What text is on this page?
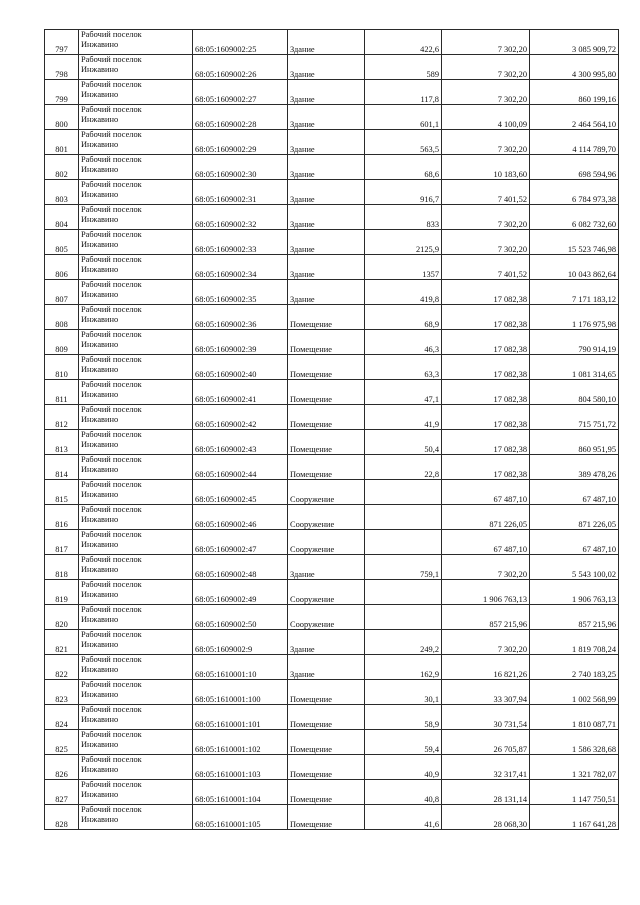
797	Рабочий поселок
Инжавино	68:05:1609002:25	Здание	422,6	7 302,20	3 085 909,72
798	Рабочий поселок
Инжавино	68:05:1609002:26	Здание	589	7 302,20	4 300 995,80
799	Рабочий поселок
Инжавино	68:05:1609002:27	Здание	117,8	7 302,20	860 199,16
800	Рабочий поселок
Инжавино	68:05:1609002:28	Здание	601,1	4 100,09	2 464 564,10
801	Рабочий поселок
Инжавино	68:05:1609002:29	Здание	563,5	7 302,20	4 114 789,70
802	Рабочий поселок
Инжавино	68:05:1609002:30	Здание	68,6	10 183,60	698 594,96
803	Рабочий поселок
Инжавино	68:05:1609002:31	Здание	916,7	7 401,52	6 784 973,38
804	Рабочий поселок
Инжавино	68:05:1609002:32	Здание	833	7 302,20	6 082 732,60
805	Рабочий поселок
Инжавино	68:05:1609002:33	Здание	2125,9	7 302,20	15 523 746,98
806	Рабочий поселок
Инжавино	68:05:1609002:34	Здание	1357	7 401,52	10 043 862,64
807	Рабочий поселок
Инжавино	68:05:1609002:35	Здание	419,8	17 082,38	7 171 183,12
808	Рабочий поселок
Инжавино	68:05:1609002:36	Помещение	68,9	17 082,38	1 176 975,98
809	Рабочий поселок
Инжавино	68:05:1609002:39	Помещение	46,3	17 082,38	790 914,19
810	Рабочий поселок
Инжавино	68:05:1609002:40	Помещение	63,3	17 082,38	1 081 314,65
811	Рабочий поселок
Инжавино	68:05:1609002:41	Помещение	47,1	17 082,38	804 580,10
812	Рабочий поселок
Инжавино	68:05:1609002:42	Помещение	41,9	17 082,38	715 751,72
813	Рабочий поселок
Инжавино	68:05:1609002:43	Помещение	50,4	17 082,38	860 951,95
814	Рабочий поселок
Инжавино	68:05:1609002:44	Помещение	22,8	17 082,38	389 478,26
815	Рабочий поселок
Инжавино	68:05:1609002:45	Сооружение		67 487,10	67 487,10
816	Рабочий поселок
Инжавино	68:05:1609002:46	Сооружение		871 226,05	871 226,05
817	Рабочий поселок
Инжавино	68:05:1609002:47	Сооружение		67 487,10	67 487,10
818	Рабочий поселок
Инжавино	68:05:1609002:48	Здание	759,1	7 302,20	5 543 100,02
819	Рабочий поселок
Инжавино	68:05:1609002:49	Сооружение		1 906 763,13	1 906 763,13
820	Рабочий поселок
Инжавино	68:05:1609002:50	Сооружение		857 215,96	857 215,96
821	Рабочий поселок
Инжавино	68:05:1609002:9	Здание	249,2	7 302,20	1 819 708,24
822	Рабочий поселок
Инжавино	68:05:1610001:10	Здание	162,9	16 821,26	2 740 183,25
823	Рабочий поселок
Инжавино	68:05:1610001:100	Помещение	30,1	33 307,94	1 002 568,99
824	Рабочий поселок
Инжавино	68:05:1610001:101	Помещение	58,9	30 731,54	1 810 087,71
825	Рабочий поселок
Инжавино	68:05:1610001:102	Помещение	59,4	26 705,87	1 586 328,68
826	Рабочий поселок
Инжавино	68:05:1610001:103	Помещение	40,9	32 317,41	1 321 782,07
827	Рабочий поселок
Инжавино	68:05:1610001:104	Помещение	40,8	28 131,14	1 147 750,51
828	Рабочий поселок
Инжавино	68:05:1610001:105	Помещение	41,6	28 068,30	1 167 641,28
